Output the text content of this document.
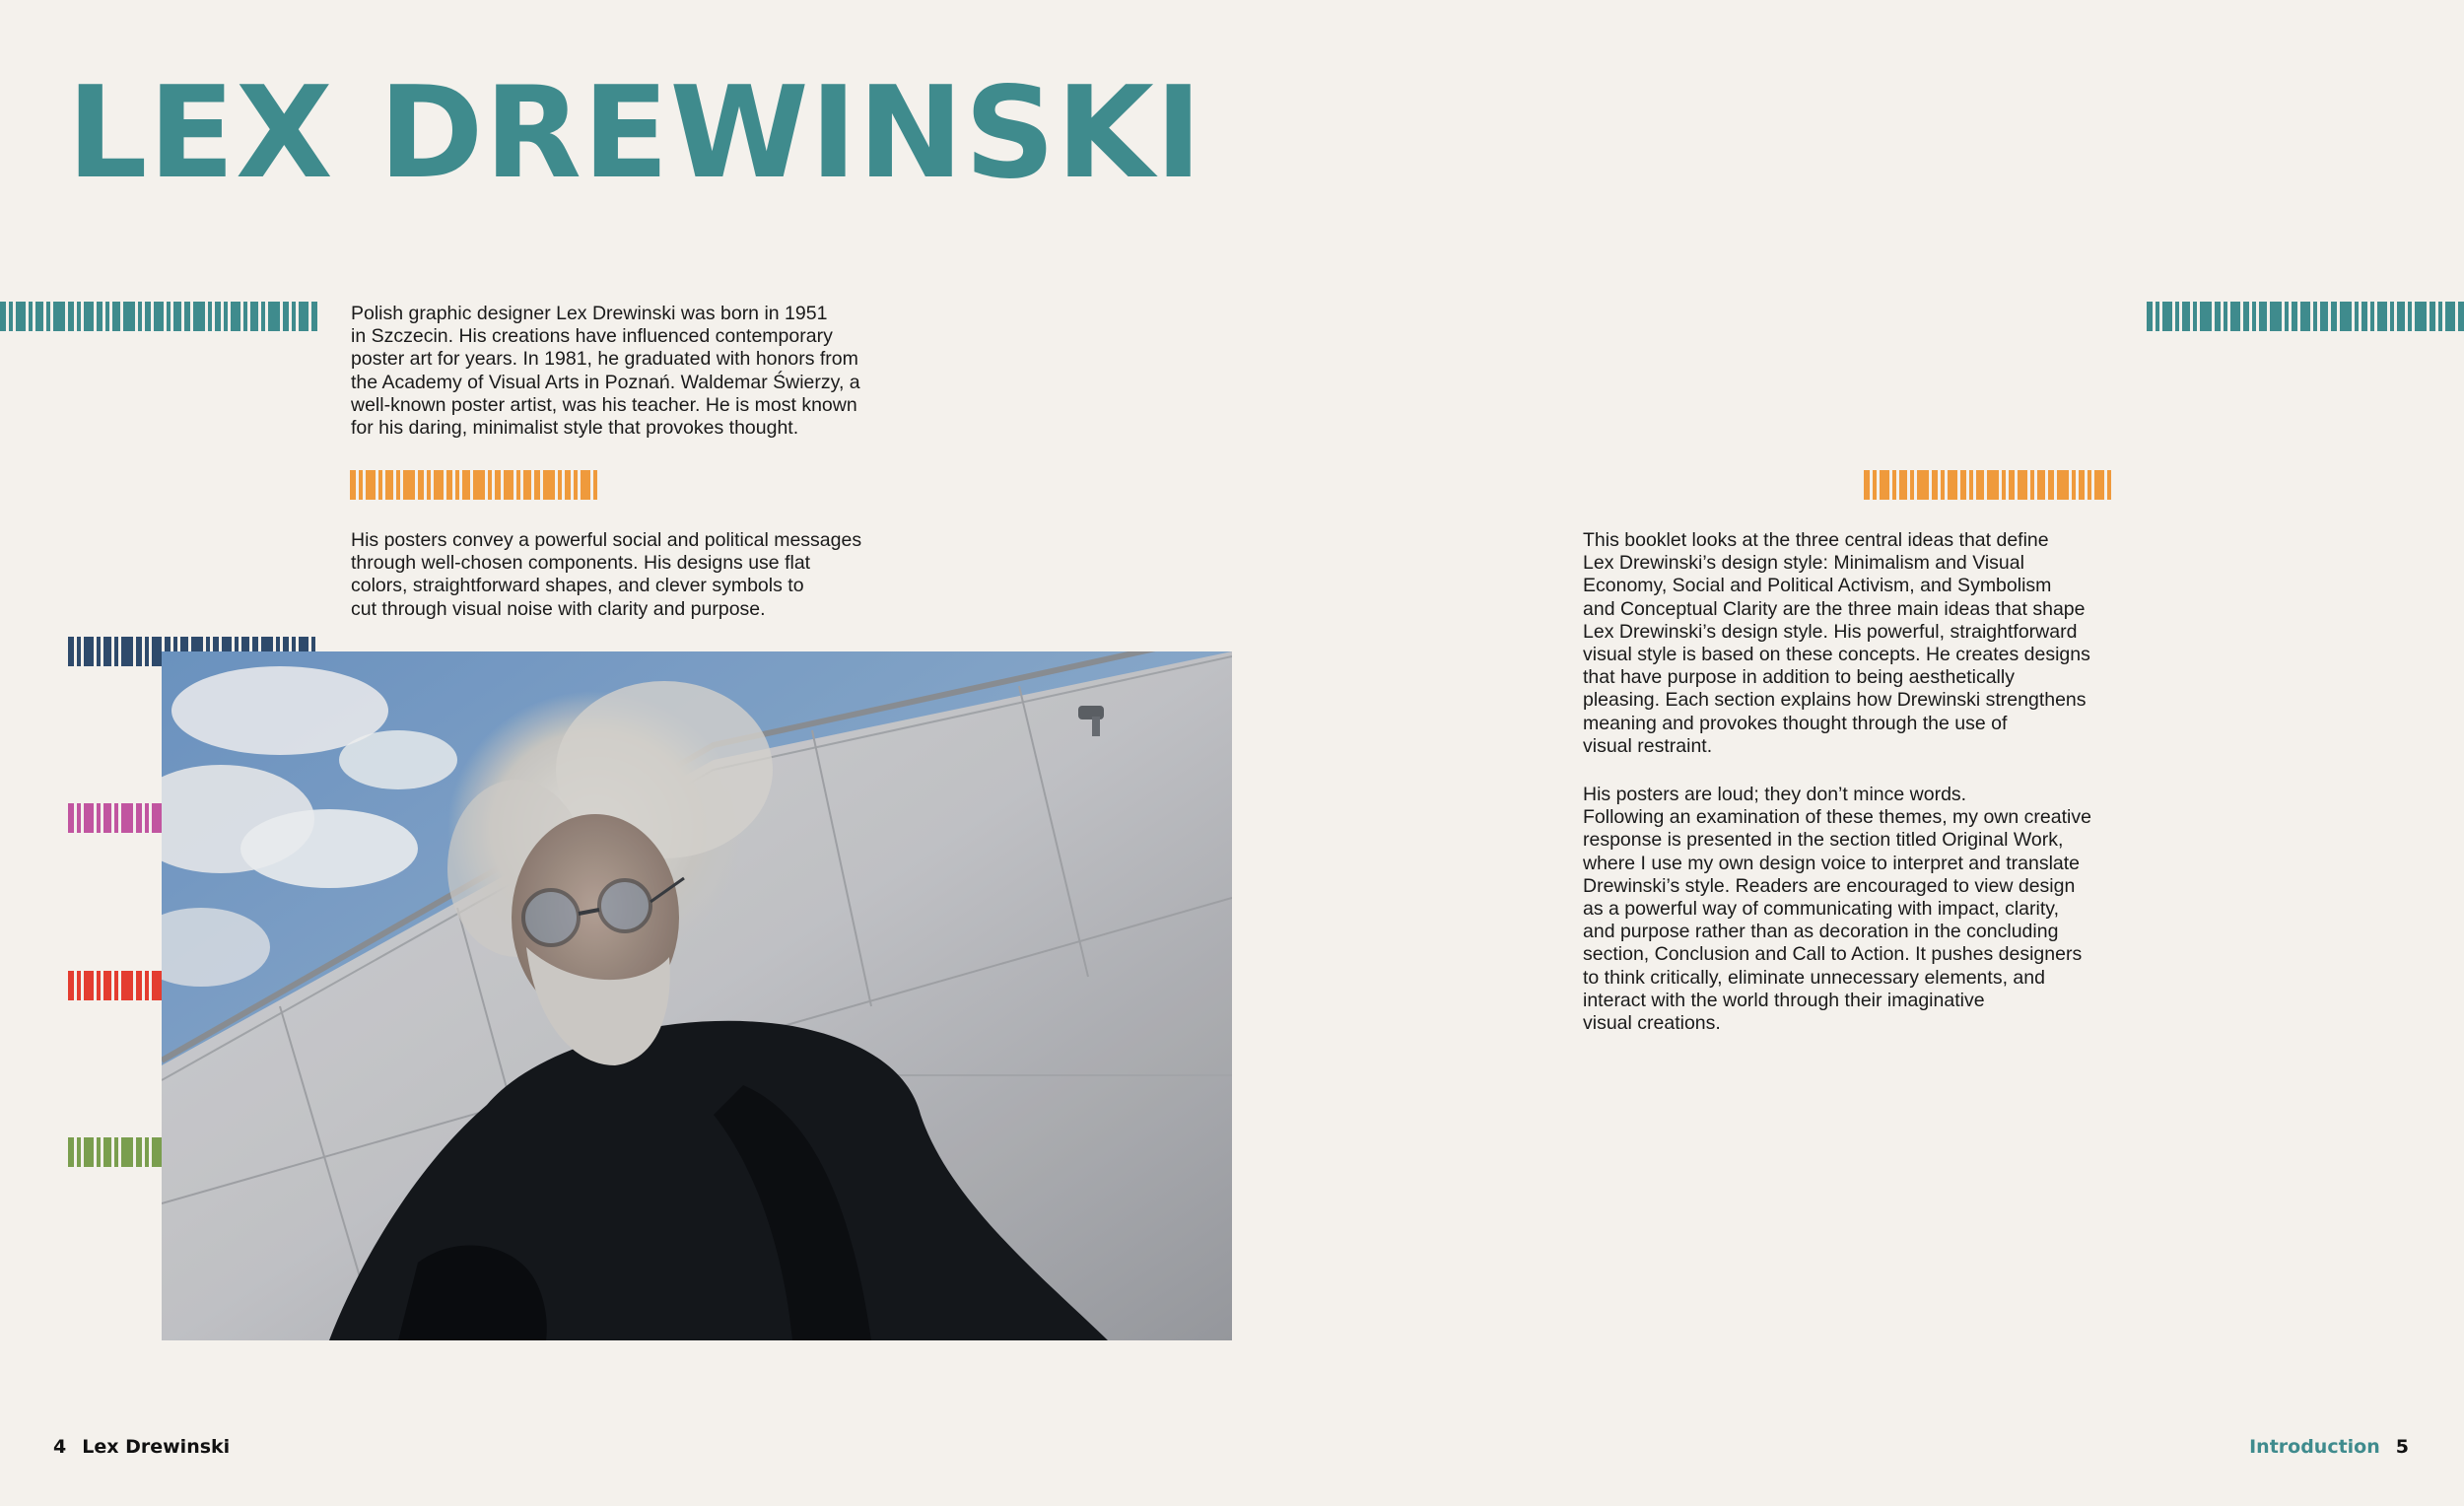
LEX DREWINSKI
Polish graphic designer Lex Drewinski was born in 1951
in Szczecin. His creations have influenced contemporary
poster art for years. In 1981, he graduated with honors from
the Academy of Visual Arts in Poznań. Waldemar Świerzy, a
well-known poster artist, was his teacher. He is most known
for his daring, minimalist style that provokes thought.
His posters convey a powerful social and political messages
through well-chosen components. His designs use flat
colors, straightforward shapes, and clever symbols to
cut through visual noise with clarity and purpose.
This booklet looks at the three central ideas that define
Lex Drewinski’s design style: Minimalism and Visual
Economy, Social and Political Activism, and Symbolism
and Conceptual Clarity are the three main ideas that shape
Lex Drewinski’s design style. His powerful, straightforward
visual style is based on these concepts. He creates designs
that have purpose in addition to being aesthetically
pleasing. Each section explains how Drewinski strengthens
meaning and provokes thought through the use of
visual restraint.
His posters are loud; they don’t mince words.
Following an examination of these themes, my own creative
response is presented in the section titled Original Work,
where I use my own design voice to interpret and translate
Drewinski’s style. Readers are encouraged to view design
as a powerful way of communicating with impact, clarity,
and purpose rather than as decoration in the concluding
section, Conclusion and Call to Action. It pushes designers
to think critically, eliminate unnecessary elements, and
interact with the world through their imaginative
visual creations.
4 Lex Drewinski	Introduction 5
